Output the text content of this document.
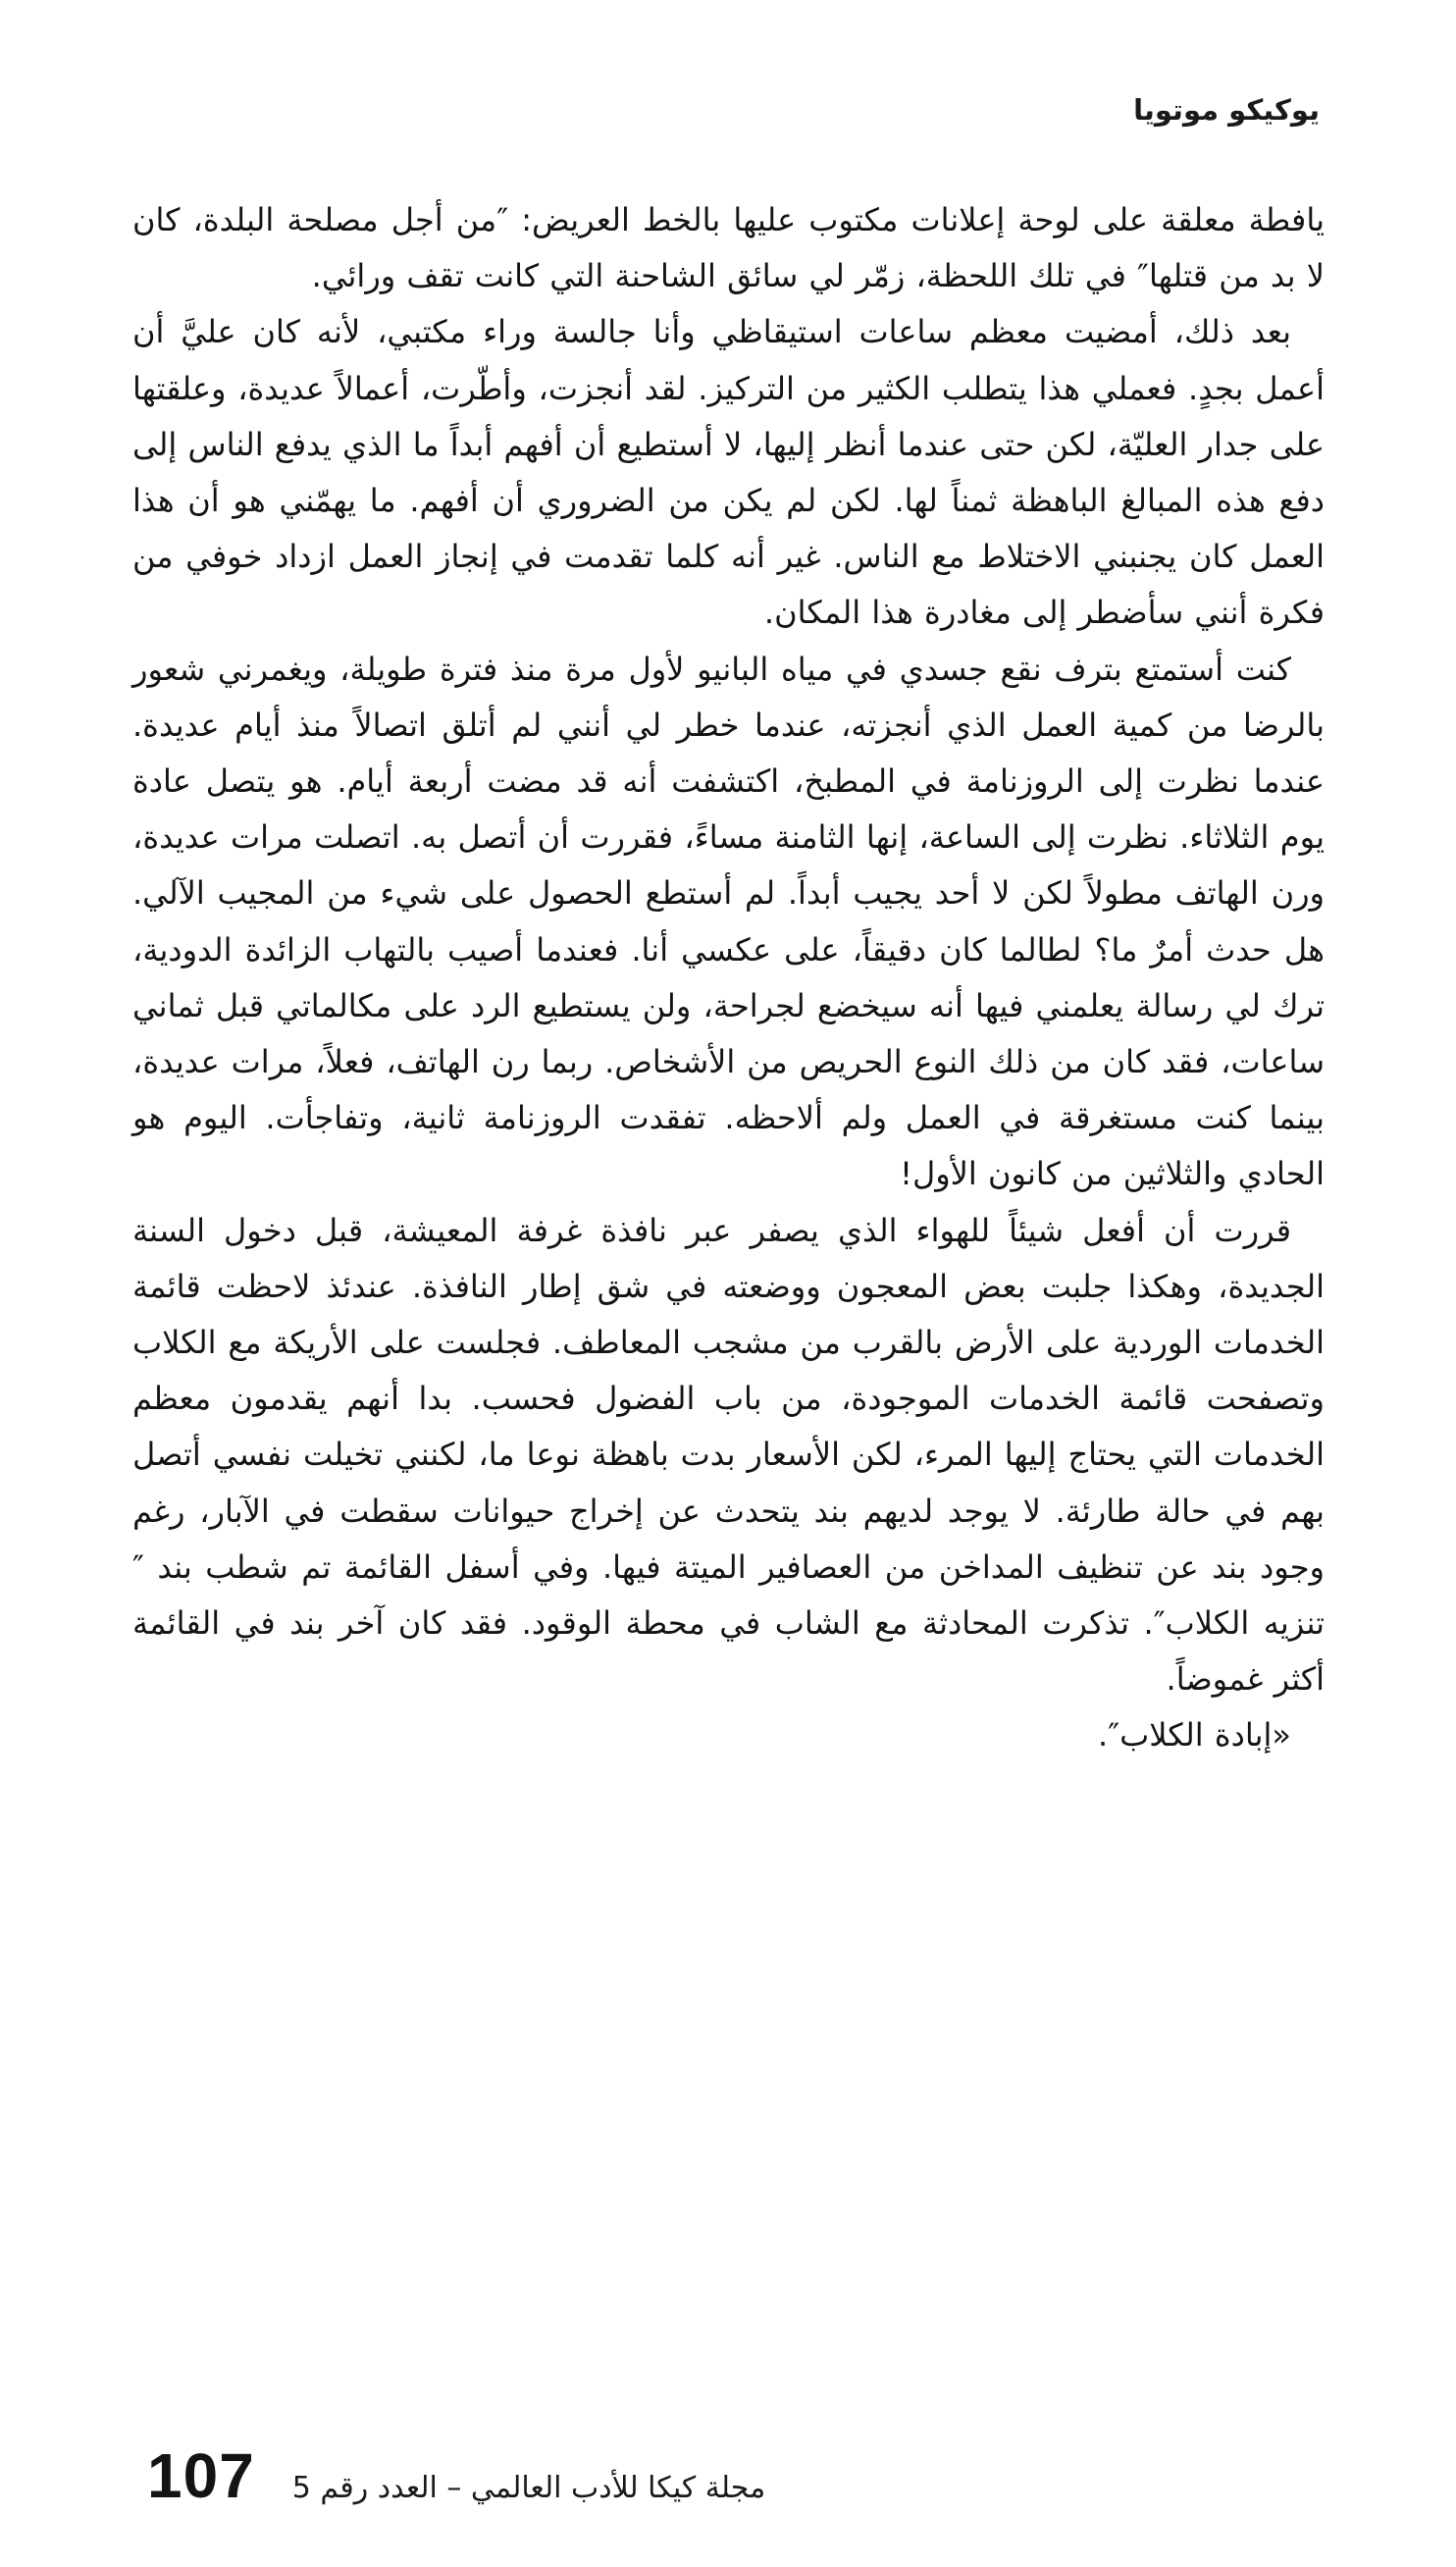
يوكيكو موتويا

يافطة معلقة على لوحة إعلانات مكتوب عليها بالخط العريض: ″من أجل مصلحة البلدة، كان لا بد من قتلها″ في تلك اللحظة، زمّر لي سائق الشاحنة التي كانت تقف ورائي.

بعد ذلك، أمضيت معظم ساعات استيقاظي وأنا جالسة وراء مكتبي، لأنه كان عليَّ أن أعمل بجدٍ. فعملي هذا يتطلب الكثير من التركيز. لقد أنجزت، وأطّرت، أعمالاً عديدة، وعلقتها على جدار العليّة، لكن حتى عندما أنظر إليها، لا أستطيع أن أفهم أبداً ما الذي يدفع الناس إلى دفع هذه المبالغ الباهظة ثمناً لها. لكن لم يكن من الضروري أن أفهم. ما يهمّني هو أن هذا العمل كان يجنبني الاختلاط مع الناس. غير أنه كلما تقدمت في إنجاز العمل ازداد خوفي من فكرة أنني سأضطر إلى مغادرة هذا المكان.

كنت أستمتع بترف نقع جسدي في مياه البانيو لأول مرة منذ فترة طويلة، ويغمرني شعور بالرضا من كمية العمل الذي أنجزته، عندما خطر لي أنني لم أتلق اتصالاً منذ أيام عديدة. عندما نظرت إلى الروزنامة في المطبخ، اكتشفت أنه قد مضت أربعة أيام. هو يتصل عادة يوم الثلاثاء. نظرت إلى الساعة، إنها الثامنة مساءً، فقررت أن أتصل به. اتصلت مرات عديدة، ورن الهاتف مطولاً لكن لا أحد يجيب أبداً. لم أستطع الحصول على شيء من المجيب الآلي. هل حدث أمرٌ ما؟ لطالما كان دقيقاً، على عكسي أنا. فعندما أصيب بالتهاب الزائدة الدودية، ترك لي رسالة يعلمني فيها أنه سيخضع لجراحة، ولن يستطيع الرد على مكالماتي قبل ثماني ساعات، فقد كان من ذلك النوع الحريص من الأشخاص. ربما رن الهاتف، فعلاً، مرات عديدة، بينما كنت مستغرقة في العمل ولم ألاحظه. تفقدت الروزنامة ثانية، وتفاجأت. اليوم هو الحادي والثلاثين من كانون الأول!

قررت أن أفعل شيئاً للهواء الذي يصفر عبر نافذة غرفة المعيشة، قبل دخول السنة الجديدة، وهكذا جلبت بعض المعجون ووضعته في شق إطار النافذة. عندئذ لاحظت قائمة الخدمات الوردية على الأرض بالقرب من مشجب المعاطف. فجلست على الأريكة مع الكلاب وتصفحت قائمة الخدمات الموجودة، من باب الفضول فحسب. بدا أنهم يقدمون معظم الخدمات التي يحتاج إليها المرء، لكن الأسعار بدت باهظة نوعا ما، لكنني تخيلت نفسي أتصل بهم في حالة طارئة. لا يوجد لديهم بند يتحدث عن إخراج حيوانات سقطت في الآبار، رغم وجود بند عن تنظيف المداخن من العصافير الميتة فيها. وفي أسفل القائمة تم شطب بند ″ تنزيه الكلاب″. تذكرت المحادثة مع الشاب في محطة الوقود. فقد كان آخر بند في القائمة أكثر غموضاً.

«إبادة الكلاب″.

107 مجلة كيكا للأدب العالمي – العدد رقم 5
